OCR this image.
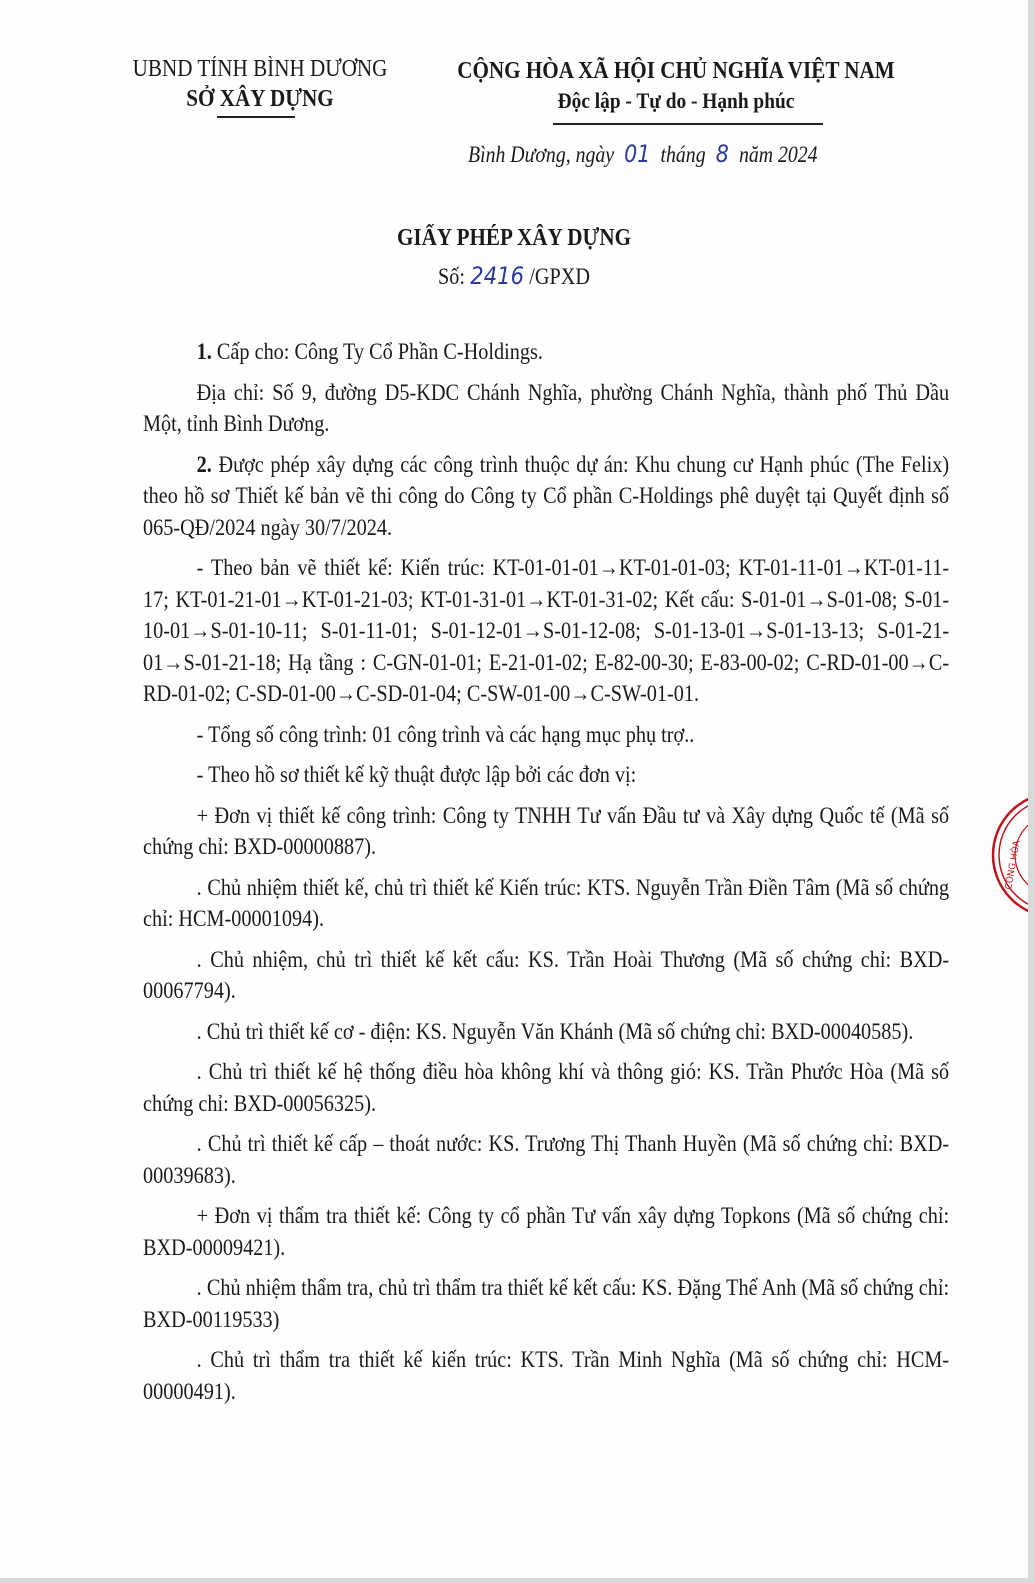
UBND TỈNH BÌNH DƯƠNG
SỞ XÂY DỰNG
CỘNG HÒA XÃ HỘI CHỦ NGHĨA VIỆT NAM
Độc lập - Tự do - Hạnh phúc
Bình Dương, ngày 01 tháng 8 năm 2024
GIẤY PHÉP XÂY DỰNG
Số: 2416 /GPXD

1. Cấp cho: Công Ty Cổ Phần C-Holdings.

Địa chỉ: Số 9, đường D5-KDC Chánh Nghĩa, phường Chánh Nghĩa, thành phố Thủ Dầu Một, tỉnh Bình Dương.

2. Được phép xây dựng các công trình thuộc dự án: Khu chung cư Hạnh phúc (The Felix) theo hồ sơ Thiết kế bản vẽ thi công do Công ty Cổ phần C-Holdings phê duyệt tại Quyết định số 065-QĐ/2024 ngày 30/7/2024.

- Theo bản vẽ thiết kế: Kiến trúc: KT-01-01-01→KT-01-01-03; KT-01-11-01→KT-01-11-17; KT-01-21-01→KT-01-21-03; KT-01-31-01→KT-01-31-02; Kết cấu: S-01-01→S-01-08; S-01-10-01→S-01-10-11; S-01-11-01; S-01-12-01→S-01-12-08; S-01-13-01→S-01-13-13; S-01-21-01→S-01-21-18; Hạ tầng : C-GN-01-01; E-21-01-02; E-82-00-30; E-83-00-02; C-RD-01-00→C-RD-01-02; C-SD-01-00→C-SD-01-04; C-SW-01-00→C-SW-01-01.

- Tổng số công trình: 01 công trình và các hạng mục phụ trợ..

- Theo hồ sơ thiết kế kỹ thuật được lập bởi các đơn vị:

+ Đơn vị thiết kế công trình: Công ty TNHH Tư vấn Đầu tư và Xây dựng Quốc tế (Mã số chứng chỉ: BXD-00000887).

. Chủ nhiệm thiết kế, chủ trì thiết kế Kiến trúc: KTS. Nguyễn Trần Điền Tâm (Mã số chứng chỉ: HCM-00001094).

. Chủ nhiệm, chủ trì thiết kế kết cấu: KS. Trần Hoài Thương (Mã số chứng chỉ: BXD-00067794).

. Chủ trì thiết kế cơ - điện: KS. Nguyễn Văn Khánh (Mã số chứng chỉ: BXD-00040585).

. Chủ trì thiết kế hệ thống điều hòa không khí và thông gió: KS. Trần Phước Hòa (Mã số chứng chỉ: BXD-00056325).

. Chủ trì thiết kế cấp – thoát nước: KS. Trương Thị Thanh Huyền (Mã số chứng chỉ: BXD-00039683).

+ Đơn vị thẩm tra thiết kế: Công ty cổ phần Tư vấn xây dựng Topkons (Mã số chứng chỉ: BXD-00009421).

. Chủ nhiệm thẩm tra, chủ trì thẩm tra thiết kế kết cấu: KS. Đặng Thế Anh (Mã số chứng chỉ: BXD-00119533)

. Chủ trì thẩm tra thiết kế kiến trúc: KTS. Trần Minh Nghĩa (Mã số chứng chỉ: HCM-00000491).

CÔNG HÒA
